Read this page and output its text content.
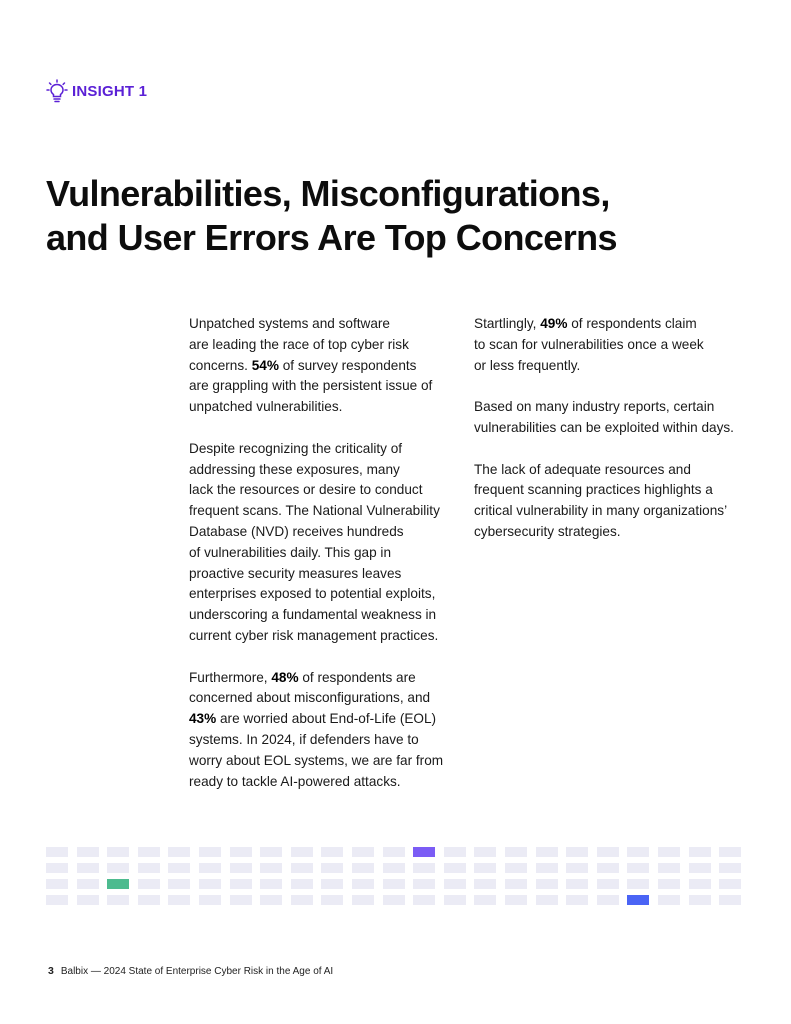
INSIGHT 1
Vulnerabilities, Misconfigurations,
and User Errors Are Top Concerns
Unpatched systems and software
are leading the race of top cyber risk
concerns. 54% of survey respondents
are grappling with the persistent issue of
unpatched vulnerabilities.
Despite recognizing the criticality of
addressing these exposures, many
lack the resources or desire to conduct
frequent scans. The National Vulnerability
Database (NVD) receives hundreds
of vulnerabilities daily. This gap in
proactive security measures leaves
enterprises exposed to potential exploits,
underscoring a fundamental weakness in
current cyber risk management practices.
Furthermore, 48% of respondents are
concerned about misconfigurations, and
43% are worried about End-of-Life (EOL)
systems. In 2024, if defenders have to
worry about EOL systems, we are far from
ready to tackle AI-powered attacks.
Startlingly, 49% of respondents claim
to scan for vulnerabilities once a week
or less frequently.
Based on many industry reports, certain
vulnerabilities can be exploited within days.
The lack of adequate resources and
frequent scanning practices highlights a
critical vulnerability in many organizations’
cybersecurity strategies.
3 Balbix — 2024 State of Enterprise Cyber Risk in the Age of AI
